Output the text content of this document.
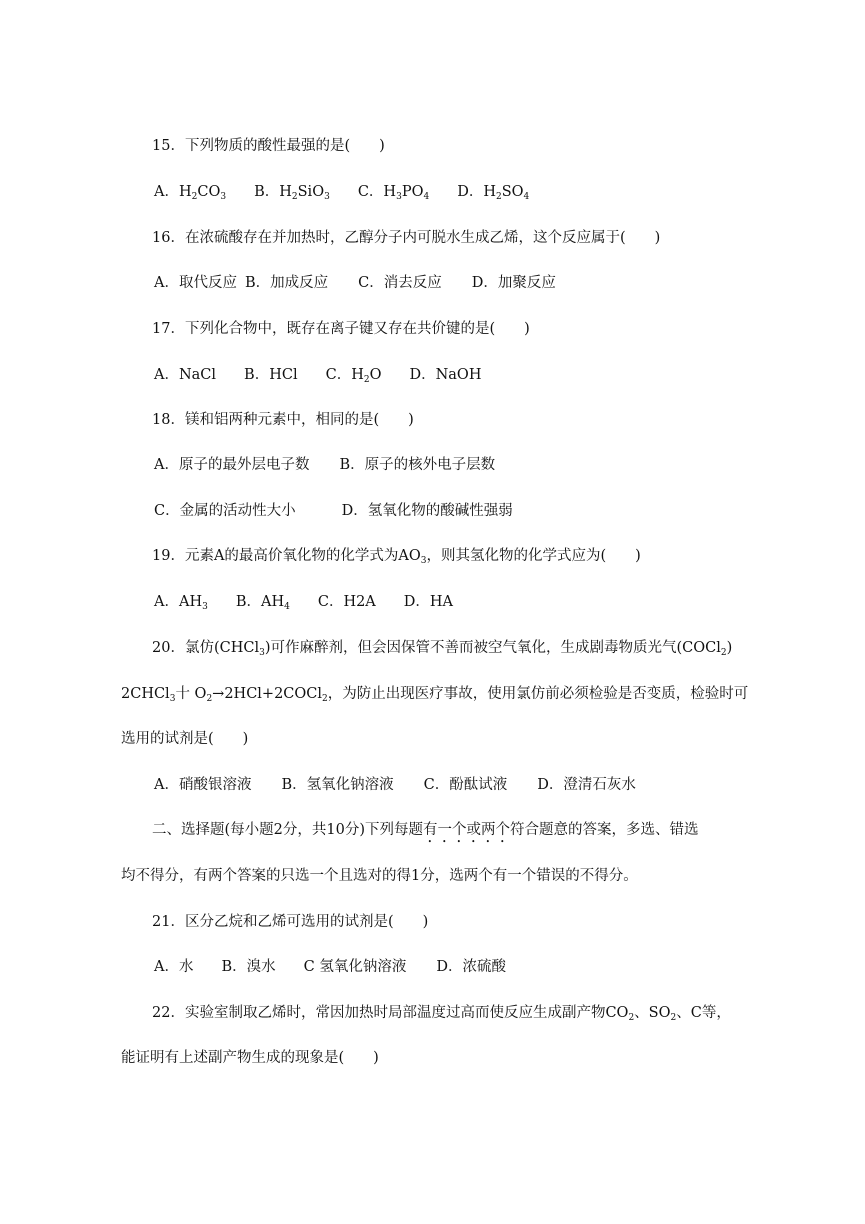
15．下列物质的酸性最强的是(　　)
A．$H_2CO_3$ B．$H_2SiO_3$ C．$H_3PO_4$ D．$H_2SO_4$
16．在浓硫酸存在并加热时，乙醇分子内可脱水生成乙烯，这个反应属于(　　)
A．取代反应 B．加成反应 C．消去反应 D．加聚反应
17．下列化合物中，既存在离子键又存在共价键的是(　　)
A．NaCl B．HCl C．$H_2O$ D．NaOH
18．镁和铝两种元素中，相同的是(　　)
A．原子的最外层电子数 B．原子的核外电子层数
C．金属的活动性大小	D．氢氧化物的酸碱性强弱
19．元素A的最高价氧化物的化学式为$AO_3$，则其氢化物的化学式应为(　　)
A．$AH_3$ B．$AH_4$ C．H2A D．HA
20．氯仿(CHCl$_3$)可作麻醉剂，但会因保管不善而被空气氧化，生成剧毒物质光气(COCl$_2$)
2CHCl$_3$十 $O_2\to 2HCl+2COCl_2$，为防止出现医疗事故，使用氯仿前必须检验是否变质，检验时可
选用的试剂是(　　)
A．硝酸银溶液 B．氢氧化钠溶液 C．酚酞试液 D．澄清石灰水
二、选择题(每小题2分，共10分)下列每题有一个或两个符合题意的答案，多选、错选
均不得分，有两个答案的只选一个且选对的得1分，选两个有一个错误的不得分。
21．区分乙烷和乙烯可选用的试剂是(　　)
A．水 B．溴水 C 氢氧化钠溶液 D．浓硫酸
22．实验室制取乙烯时，常因加热时局部温度过高而使反应生成副产物$CO_2$、$SO_2$、C等，
能证明有上述副产物生成的现象是(　　)
